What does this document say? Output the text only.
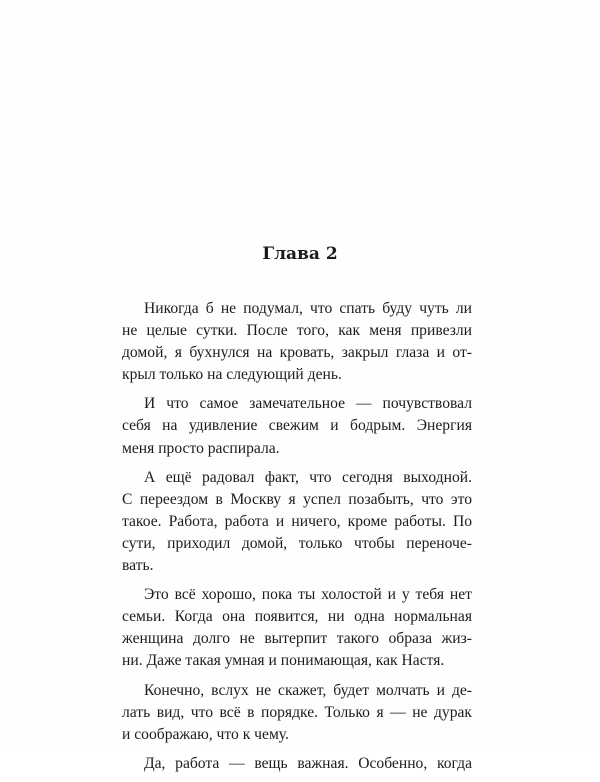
Глава 2

Никогда б не подумал, что спать буду чуть ли
не целые сутки. После того, как меня привезли
домой, я бухнулся на кровать, закрыл глаза и от-
крыл только на следующий день.

И что самое замечательное — почувствовал
себя на удивление свежим и бодрым. Энергия
меня просто распирала.

А ещё радовал факт, что сегодня выходной.
С переездом в Москву я успел позабыть, что это
такое. Работа, работа и ничего, кроме работы. По
сути, приходил домой, только чтобы переноче-
вать.

Это всё хорошо, пока ты холостой и у тебя нет
семьи. Когда она появится, ни одна нормальная
женщина долго не вытерпит такого образа жиз-
ни. Даже такая умная и понимающая, как Настя.

Конечно, вслух не скажет, будет молчать и де-
лать вид, что всё в порядке. Только я — не дурак
и соображаю, что к чему.

Да, работа — вещь важная. Особенно, когда
